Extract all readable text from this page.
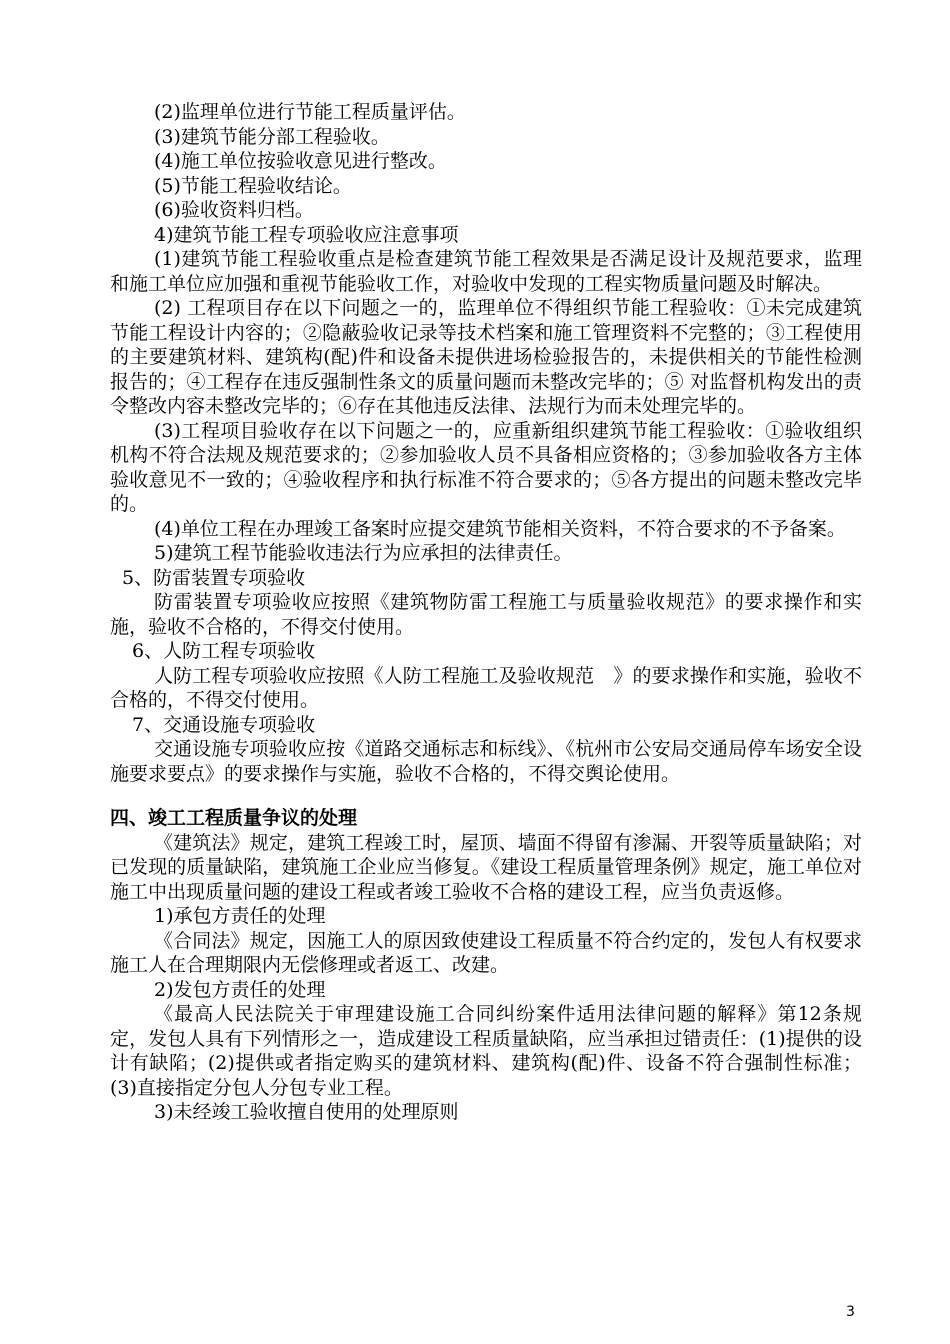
(2)监理单位进行节能工程质量评估。

(3)建筑节能分部工程验收。

(4)施工单位按验收意见进行整改。

(5)节能工程验收结论。

(6)验收资料归档。

4)建筑节能工程专项验收应注意事项

(1)建筑节能工程验收重点是检查建筑节能工程效果是否满足设计及规范要求，监理和施工单位应加强和重视节能验收工作，对验收中发现的工程实物质量问题及时解决。

(2) 工程项目存在以下问题之一的，监理单位不得组织节能工程验收：①未完成建筑节能工程设计内容的；②隐蔽验收记录等技术档案和施工管理资料不完整的；③工程使用的主要建筑材料、建筑构(配)件和设备未提供进场检验报告的，未提供相关的节能性检测报告的；④工程存在违反强制性条文的质量问题而未整改完毕的；⑤ 对监督机构发出的责令整改内容未整改完毕的；⑥存在其他违反法律、法规行为而未处理完毕的。

(3)工程项目验收存在以下问题之一的，应重新组织建筑节能工程验收：①验收组织机构不符合法规及规范要求的；②参加验收人员不具备相应资格的；③参加验收各方主体验收意见不一致的；④验收程序和执行标准不符合要求的；⑤各方提出的问题未整改完毕的。

(4)单位工程在办理竣工备案时应提交建筑节能相关资料，不符合要求的不予备案。

5)建筑工程节能验收违法行为应承担的法律责任。

5、防雷装置专项验收

防雷装置专项验收应按照《建筑物防雷工程施工与质量验收规范》的要求操作和实施，验收不合格的，不得交付使用。

6、人防工程专项验收

人防工程专项验收应按照《人防工程施工及验收规范　》的要求操作和实施，验收不合格的，不得交付使用。

7、交通设施专项验收

交通设施专项验收应按《道路交通标志和标线》、《杭州市公安局交通局停车场安全设施要求要点》的要求操作与实施，验收不合格的，不得交舆论使用。

四、竣工工程质量争议的处理

《建筑法》规定，建筑工程竣工时，屋顶、墙面不得留有渗漏、开裂等质量缺陷；对已发现的质量缺陷，建筑施工企业应当修复。《建设工程质量管理条例》规定，施工单位对施工中出现质量问题的建设工程或者竣工验收不合格的建设工程，应当负责返修。

1)承包方责任的处理

《合同法》规定，因施工人的原因致使建设工程质量不符合约定的，发包人有权要求施工人在合理期限内无偿修理或者返工、改建。

2)发包方责任的处理

《最高人民法院关于审理建设施工合同纠纷案件适用法律问题的解释》第12条规定，发包人具有下列情形之一，造成建设工程质量缺陷，应当承担过错责任：(1)提供的设计有缺陷；(2)提供或者指定购买的建筑材料、建筑构(配)件、设备不符合强制性标准；(3)直接指定分包人分包专业工程。

3)未经竣工验收擅自使用的处理原则

3
